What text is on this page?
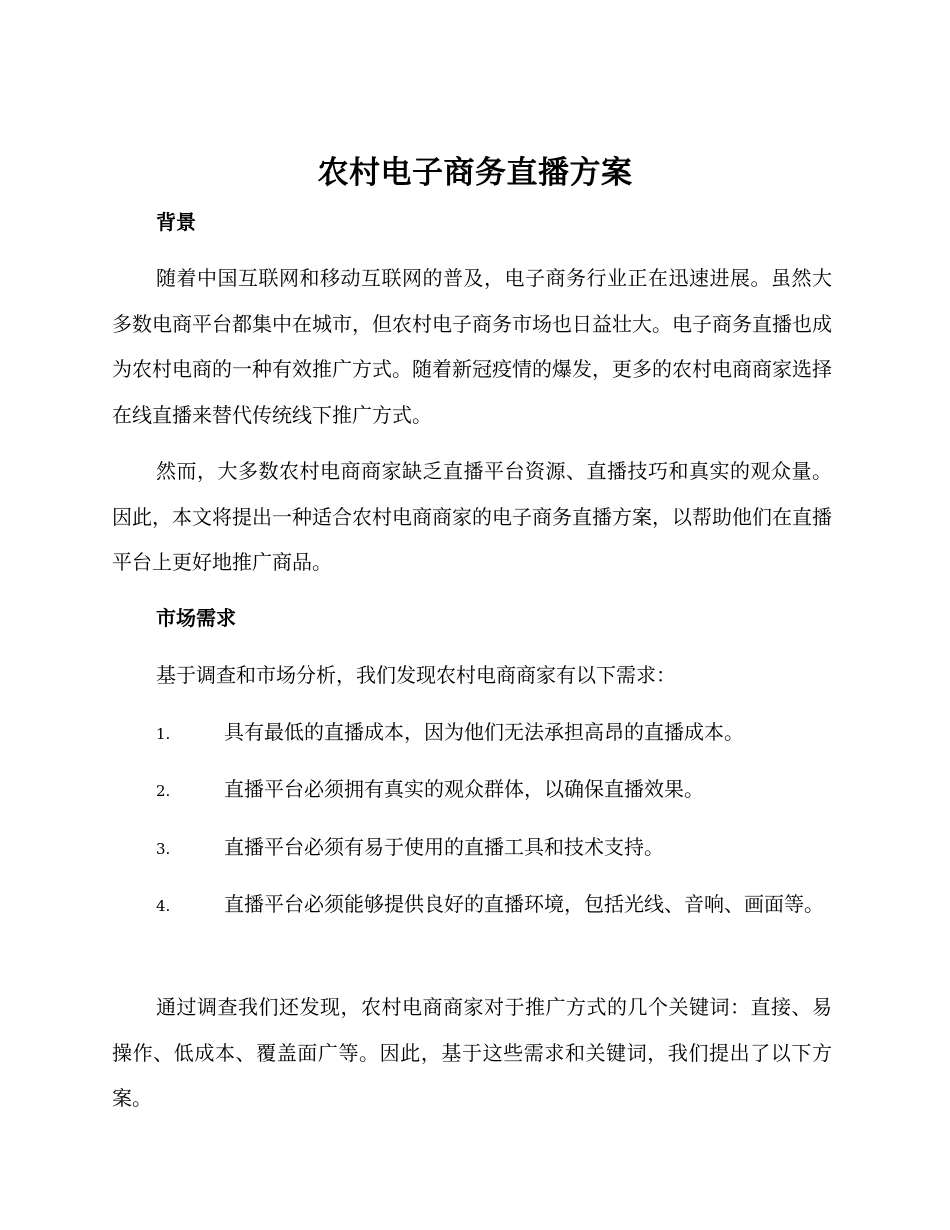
农村电子商务直播方案
背景

随着中国互联网和移动互联网的普及，电子商务行业正在迅速进展。虽然大多数电商平台都集中在城市，但农村电子商务市场也日益壮大。电子商务直播也成为农村电商的一种有效推广方式。随着新冠疫情的爆发，更多的农村电商商家选择在线直播来替代传统线下推广方式。

然而，大多数农村电商商家缺乏直播平台资源、直播技巧和真实的观众量。因此，本文将提出一种适合农村电商商家的电子商务直播方案，以帮助他们在直播平台上更好地推广商品。

市场需求

基于调查和市场分析，我们发现农村电商商家有以下需求：

1.	具有最低的直播成本，因为他们无法承担高昂的直播成本。

2.	直播平台必须拥有真实的观众群体，以确保直播效果。

3.	直播平台必须有易于使用的直播工具和技术支持。

4.	直播平台必须能够提供良好的直播环境，包括光线、音响、画面等。

通过调查我们还发现，农村电商商家对于推广方式的几个关键词：直接、易操作、低成本、覆盖面广等。因此，基于这些需求和关键词，我们提出了以下方案。
